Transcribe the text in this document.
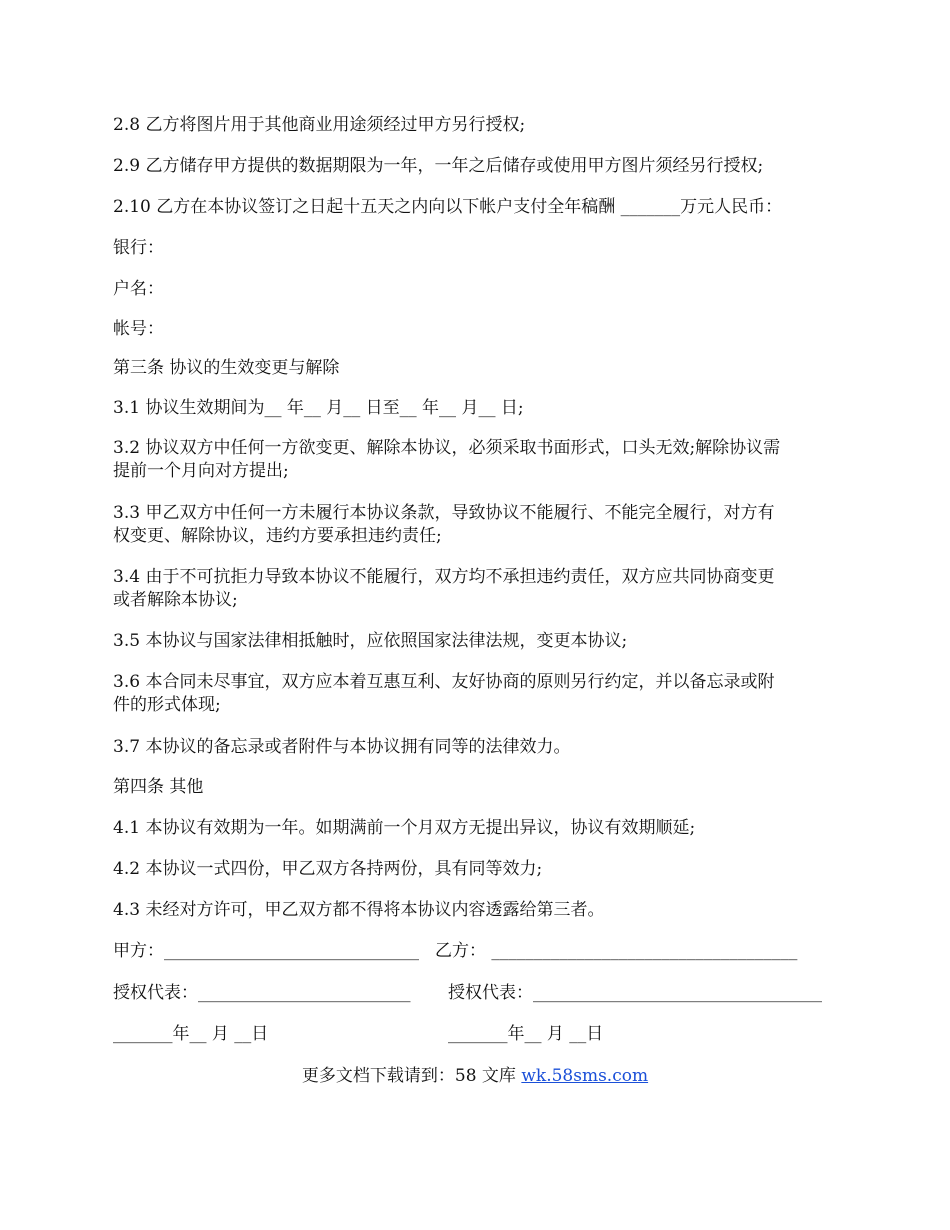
2.8 乙方将图片用于其他商业用途须经过甲方另行授权;
2.9 乙方储存甲方提供的数据期限为一年，一年之后储存或使用甲方图片须经另行授权;
2.10 乙方在本协议签订之日起十五天之内向以下帐户支付全年稿酬 _______万元人民币：
银行：
户名：
帐号：
第三条 协议的生效变更与解除
3.1 协议生效期间为__ 年__ 月__ 日至__ 年__ 月__ 日;
3.2 协议双方中任何一方欲变更、解除本协议，必须采取书面形式，口头无效;解除协议需
提前一个月向对方提出;
3.3 甲乙双方中任何一方未履行本协议条款，导致协议不能履行、不能完全履行，对方有
权变更、解除协议，违约方要承担违约责任;
3.4 由于不可抗拒力导致本协议不能履行，双方均不承担违约责任，双方应共同协商变更
或者解除本协议;
3.5 本协议与国家法律相抵触时，应依照国家法律法规，变更本协议;
3.6 本合同未尽事宜，双方应本着互惠互利、友好协商的原则另行约定，并以备忘录或附
件的形式体现;
3.7 本协议的备忘录或者附件与本协议拥有同等的法律效力。
第四条 其他
4.1 本协议有效期为一年。如期满前一个月双方无提出异议，协议有效期顺延;
4.2 本协议一式四份，甲乙双方各持两份，具有同等效力;
4.3 未经对方许可，甲乙双方都不得将本协议内容透露给第三者。
甲方：______________________________ 乙方： ____________________________________
授权代表：_________________________ 授权代表：__________________________________
_______年__ 月 __日	_______年__ 月 __日
更多文档下载请到：58 文库 wk.58sms.com
